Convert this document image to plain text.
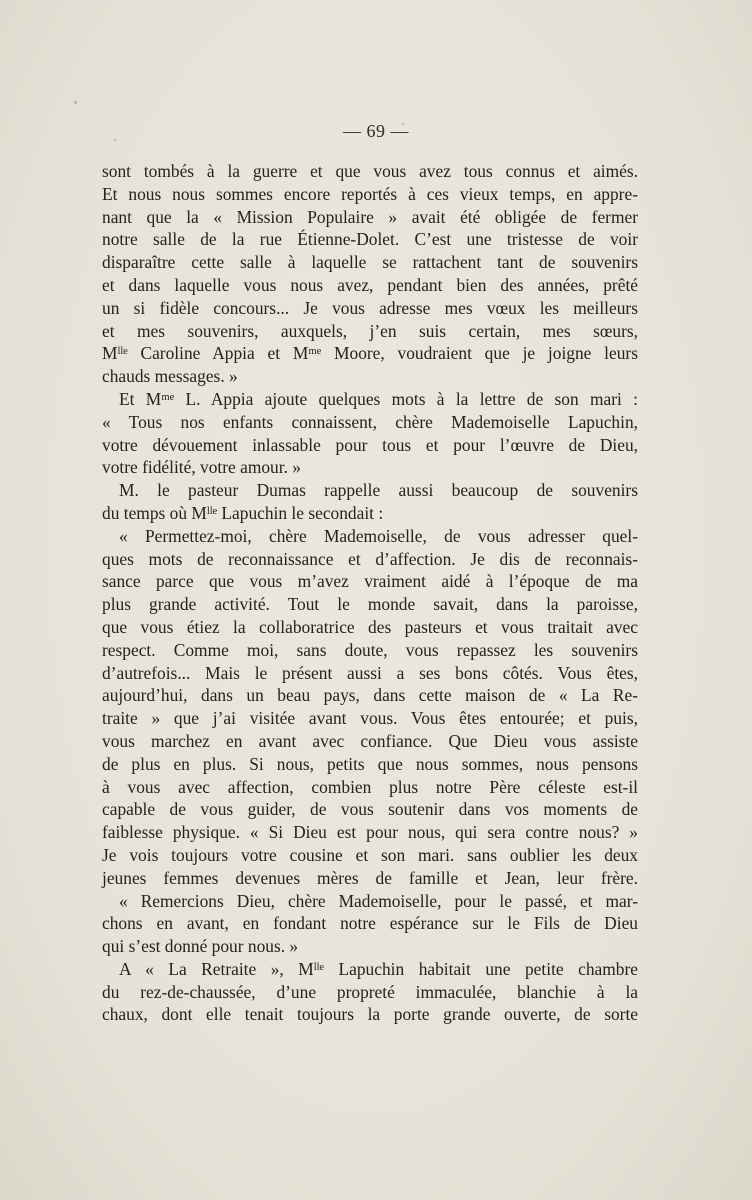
— 69 —
sont tombés à la guerre et que vous avez tous connus et aimés.
Et nous nous sommes encore reportés à ces vieux temps, en appre-
nant que la « Mission Populaire » avait été obligée de fermer
notre salle de la rue Étienne-Dolet. C’est une tristesse de voir
disparaître cette salle à laquelle se rattachent tant de souvenirs
et dans laquelle vous nous avez, pendant bien des années, prêté
un si fidèle concours... Je vous adresse mes vœux les meilleurs
et mes souvenirs, auxquels, j’en suis certain, mes sœurs,
Mˡˡᵉ Caroline Appia et Mᵐᵉ Moore, voudraient que je joigne leurs
chauds messages. »
Et Mᵐᵉ L. Appia ajoute quelques mots à la lettre de son mari :
« Tous nos enfants connaissent, chère Mademoiselle Lapuchin,
votre dévouement inlassable pour tous et pour l’œuvre de Dieu,
votre fidélité, votre amour. »
M. le pasteur Dumas rappelle aussi beaucoup de souvenirs
du temps où Mˡˡᵉ Lapuchin le secondait :
« Permettez-moi, chère Mademoiselle, de vous adresser quel-
ques mots de reconnaissance et d’affection. Je dis de reconnais-
sance parce que vous m’avez vraiment aidé à l’époque de ma
plus grande activité. Tout le monde savait, dans la paroisse,
que vous étiez la collaboratrice des pasteurs et vous traitait avec
respect. Comme moi, sans doute, vous repassez les souvenirs
d’autrefois... Mais le présent aussi a ses bons côtés. Vous êtes,
aujourd’hui, dans un beau pays, dans cette maison de « La Re-
traite » que j’ai visitée avant vous. Vous êtes entourée; et puis,
vous marchez en avant avec confiance. Que Dieu vous assiste
de plus en plus. Si nous, petits que nous sommes, nous pensons
à vous avec affection, combien plus notre Père céleste est-il
capable de vous guider, de vous soutenir dans vos moments de
faiblesse physique. « Si Dieu est pour nous, qui sera contre nous? »
Je vois toujours votre cousine et son mari. sans oublier les deux
jeunes femmes devenues mères de famille et Jean, leur frère.
« Remercions Dieu, chère Mademoiselle, pour le passé, et mar-
chons en avant, en fondant notre espérance sur le Fils de Dieu
qui s’est donné pour nous. »
A « La Retraite », Mˡˡᵉ Lapuchin habitait une petite chambre
du rez-de-chaussée, d’une propreté immaculée, blanchie à la
chaux, dont elle tenait toujours la porte grande ouverte, de sorte
